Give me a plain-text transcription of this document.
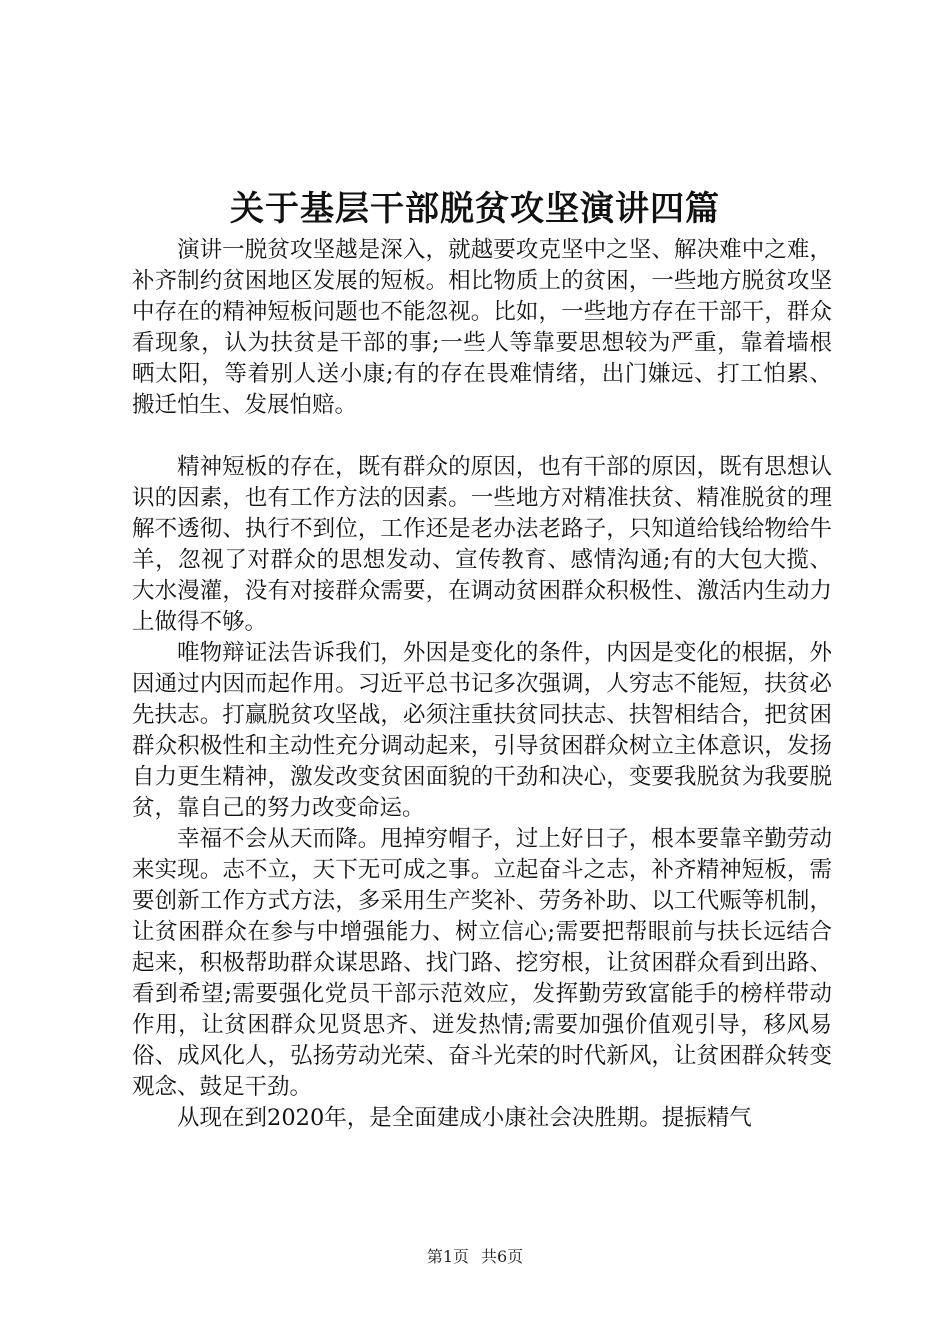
关于基层干部脱贫攻坚演讲四篇

演讲一脱贫攻坚越是深入，就越要攻克坚中之坚、解决难中之难，补齐制约贫困地区发展的短板。相比物质上的贫困，一些地方脱贫攻坚中存在的精神短板问题也不能忽视。比如，一些地方存在干部干，群众看现象，认为扶贫是干部的事;一些人等靠要思想较为严重，靠着墙根晒太阳，等着别人送小康;有的存在畏难情绪，出门嫌远、打工怕累、搬迁怕生、发展怕赔。

精神短板的存在，既有群众的原因，也有干部的原因，既有思想认识的因素，也有工作方法的因素。一些地方对精准扶贫、精准脱贫的理解不透彻、执行不到位，工作还是老办法老路子，只知道给钱给物给牛羊，忽视了对群众的思想发动、宣传教育、感情沟通;有的大包大揽、大水漫灌，没有对接群众需要，在调动贫困群众积极性、激活内生动力上做得不够。

唯物辩证法告诉我们，外因是变化的条件，内因是变化的根据，外因通过内因而起作用。习近平总书记多次强调，人穷志不能短，扶贫必先扶志。打赢脱贫攻坚战，必须注重扶贫同扶志、扶智相结合，把贫困群众积极性和主动性充分调动起来，引导贫困群众树立主体意识，发扬自力更生精神，激发改变贫困面貌的干劲和决心，变要我脱贫为我要脱贫，靠自己的努力改变命运。

幸福不会从天而降。甩掉穷帽子，过上好日子，根本要靠辛勤劳动来实现。志不立，天下无可成之事。立起奋斗之志，补齐精神短板，需要创新工作方式方法，多采用生产奖补、劳务补助、以工代赈等机制，让贫困群众在参与中增强能力、树立信心;需要把帮眼前与扶长远结合起来，积极帮助群众谋思路、找门路、挖穷根，让贫困群众看到出路、看到希望;需要强化党员干部示范效应，发挥勤劳致富能手的榜样带动作用，让贫困群众见贤思齐、迸发热情;需要加强价值观引导，移风易俗、成风化人，弘扬劳动光荣、奋斗光荣的时代新风，让贫困群众转变观念、鼓足干劲。

从现在到2020年，是全面建成小康社会决胜期。提振精气

第1页 共6页
